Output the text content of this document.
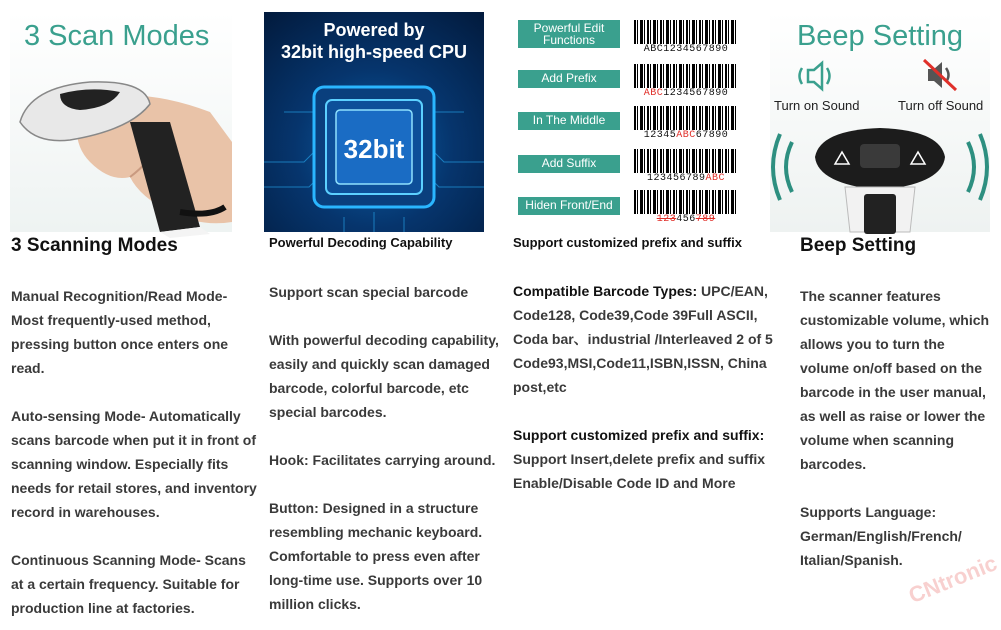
3 Scan Modes
3 Scanning Modes

Manual Recognition/Read Mode- Most frequently-used method, pressing button once enters one read.

Auto-sensing Mode- Automatically scans barcode when put it in front of scanning window. Especially fits needs for retail stores, and inventory record in warehouses.

Continuous Scanning Mode- Scans at a certain frequency. Suitable for production line at factories.

Powered by
32bit high-speed CPU
32bit
Powerful Decoding Capability

Support scan special barcode

With powerful decoding capability, easily and quickly scan damaged barcode, colorful barcode, etc special barcodes.

Hook: Facilitates carrying around.

Button: Designed in a structure resembling mechanic keyboard. Comfortable to press even after long-time use. Supports over 10 million clicks.

Powerful Edit Functions
ABC1234567890
Add Prefix
ABC1234567890
In The Middle
12345ABC67890
Add Suffix
123456789ABC
Hiden Front/End
123456789
Support customized prefix and suffix

Compatible Barcode Types: UPC/EAN, Code128, Code39,Code 39Full ASCII, Coda bar、industrial /Interleaved 2 of 5 Code93,MSI,Code11,ISBN,ISSN, China post,etc

Support customized prefix and suffix:
Support Insert,delete prefix and suffix
Enable/Disable Code ID and More
Beep Setting
Turn on Sound	Turn off Sound
Beep Setting

The scanner features customizable volume, which allows you to turn the volume on/off based on the barcode in the user manual, as well as raise or lower the volume when scanning barcodes.

Supports Language: German/English/French/ Italian/Spanish. CNtronic
